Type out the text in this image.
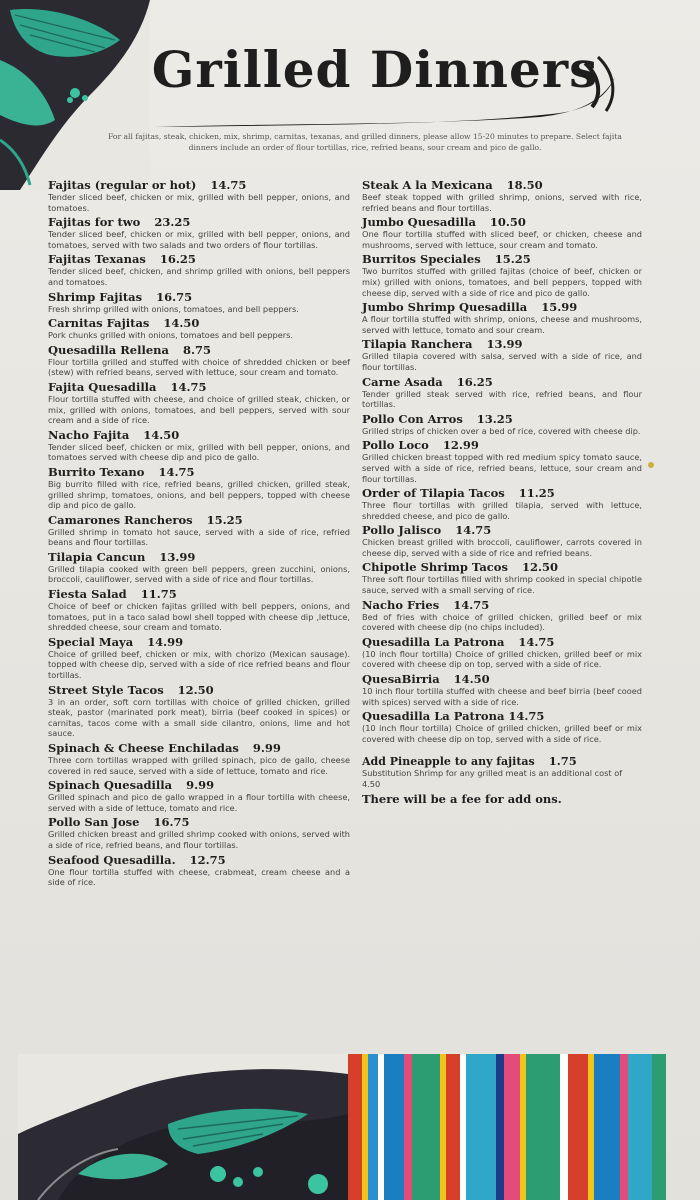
Grilled Dinners
For all fajitas, steak, chicken, mix, shrimp, carnitas, texanas, and grilled dinners, please allow 15-20 minutes to prepare. Select fajita dinners include an order of flour tortillas, rice, refried beans, sour cream and pico de gallo.
Fajitas (regular or hot) 14.75
Tender sliced beef, chicken or mix, grilled with bell pepper, onions, and tomatoes.
Fajitas for two 23.25
Tender sliced beef, chicken or mix, grilled with bell pepper, onions, and tomatoes, served with two salads and two orders of flour tortillas.
Fajitas Texanas 16.25
Tender sliced beef, chicken, and shrimp grilled with onions, bell peppers and tomatoes.
Shrimp Fajitas 16.75
Fresh shrimp grilled with onions, tomatoes, and bell peppers.
Carnitas Fajitas 14.50
Pork chunks grilled with onions, tomatoes and bell peppers.
Quesadilla Rellena 8.75
Flour tortilla grilled and stuffed with choice of shredded chicken or beef (stew) with refried beans, served with lettuce, sour cream and tomato.
Fajita Quesadilla 14.75
Flour tortilla stuffed with cheese, and choice of grilled steak, chicken, or mix, grilled with onions, tomatoes, and bell peppers, served with sour cream and a side of rice.
Nacho Fajita 14.50
Tender sliced beef, chicken or mix, grilled with bell pepper, onions, and tomatoes served with cheese dip and pico de gallo.
Burrito Texano 14.75
Big burrito filled with rice, refried beans, grilled chicken, grilled steak, grilled shrimp, tomatoes, onions, and bell peppers, topped with cheese dip and pico de gallo.
Camarones Rancheros 15.25
Grilled shrimp in tomato hot sauce, served with a side of rice, refried beans and flour tortillas.
Tilapia Cancun 13.99
Grilled tilapia cooked with green bell peppers, green zucchini, onions, broccoli, cauliflower, served with a side of rice and flour tortillas.
Fiesta Salad 11.75
Choice of beef or chicken fajitas grilled with bell peppers, onions, and tomatoes, put in a taco salad bowl shell topped with cheese dip ,lettuce, shredded cheese, sour cream and tomato.
Special Maya 14.99
Choice of grilled beef, chicken or mix, with chorizo (Mexican sausage). topped with cheese dip, served with a side of rice refried beans and flour tortillas.
Street Style Tacos 12.50
3 in an order, soft corn tortillas with choice of grilled chicken, grilled steak, pastor (marinated pork meat), birria (beef cooked in spices) or carnitas, tacos come with a small side cilantro, onions, lime and hot sauce.
Spinach & Cheese Enchiladas 9.99
Three corn tortillas wrapped with grilled spinach, pico de gallo, cheese covered in red sauce, served with a side of lettuce, tomato and rice.
Spinach Quesadilla 9.99
Grilled spinach and pico de gallo wrapped in a flour tortilla with cheese, served with a side of lettuce, tomato and rice.
Pollo San Jose 16.75
Grilled chicken breast and grilled shrimp cooked with onions, served with a side of rice, refried beans, and flour tortillas.
Seafood Quesadilla. 12.75
One flour tortilla stuffed with cheese, crabmeat, cream cheese and a side of rice.
Steak A la Mexicana 18.50
Beef steak topped with grilled shrimp, onions, served with rice, refried beans and flour tortillas.
Jumbo Quesadilla 10.50
One flour tortilla stuffed with sliced beef, or chicken, cheese and mushrooms, served with lettuce, sour cream and tomato.
Burritos Speciales 15.25
Two burritos stuffed with grilled fajitas (choice of beef, chicken or mix) grilled with onions, tomatoes, and bell peppers, topped with cheese dip, served with a side of rice and pico de gallo.
Jumbo Shrimp Quesadilla 15.99
A flour tortilla stuffed with shrimp, onions, cheese and mushrooms, served with lettuce, tomato and sour cream.
Tilapia Ranchera 13.99
Grilled tilapia covered with salsa, served with a side of rice, and flour tortillas.
Carne Asada 16.25
Tender grilled steak served with rice, refried beans, and flour tortillas.
Pollo Con Arros 13.25
Grilled strips of chicken over a bed of rice, covered with cheese dip.
Pollo Loco 12.99
Grilled chicken breast topped with red medium spicy tomato sauce, served with a side of rice, refried beans, lettuce, sour cream and flour tortillas.
Order of Tilapia Tacos 11.25
Three flour tortillas with grilled tilapia, served with lettuce, shredded cheese, and pico de gallo.
Pollo Jalisco 14.75
Chicken breast grilled with broccoli, cauliflower, carrots covered in cheese dip, served with a side of rice and refried beans.
Chipotle Shrimp Tacos 12.50
Three soft flour tortillas filled with shrimp cooked in special chipotle sauce, served with a small serving of rice.
Nacho Fries 14.75
Bed of fries with choice of grilled chicken, grilled beef or mix covered with cheese dip (no chips included).
Quesadilla La Patrona 14.75
(10 inch flour tortilla) Choice of grilled chicken, grilled beef or mix covered with cheese dip on top, served with a side of rice.
QuesaBirria 14.50
10 inch flour tortilla stuffed with cheese and beef birria (beef cooed with spices) served with a side of rice.
Quesadilla La Patrona 14.75
(10 inch flour tortilla) Choice of grilled chicken, grilled beef or mix covered with cheese dip on top, served with a side of rice.
Add Pineapple to any fajitas 1.75
Substitution Shrimp for any grilled meat is an additional cost of 4.50
There will be a fee for add ons.
